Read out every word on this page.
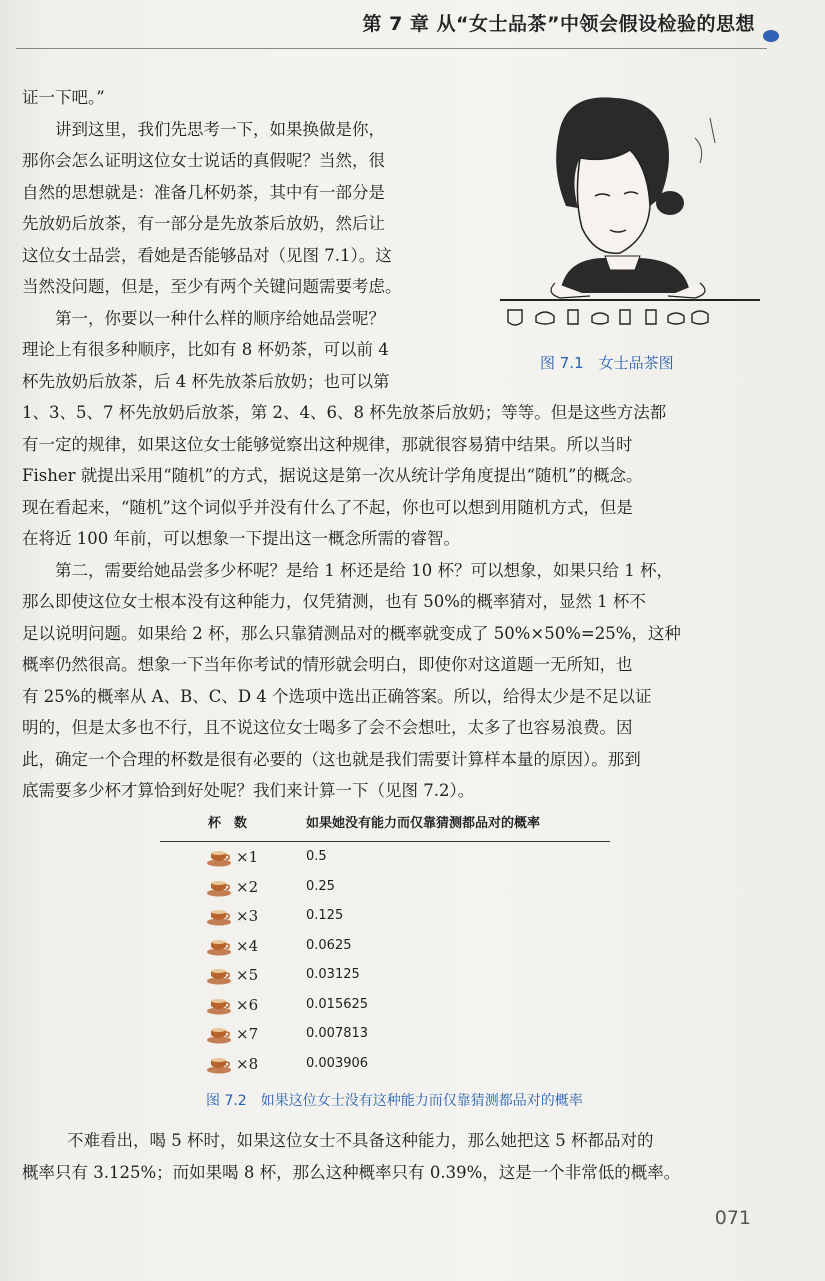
第 7 章 从“女士品茶”中领会假设检验的思想
证一下吧。”
讲到这里，我们先思考一下，如果换做是你，
那你会怎么证明这位女士说话的真假呢？当然，很
自然的思想就是：准备几杯奶茶，其中有一部分是
先放奶后放茶，有一部分是先放茶后放奶，然后让
这位女士品尝，看她是否能够品对（见图 7.1）。这
当然没问题，但是，至少有两个关键问题需要考虑。
第一，你要以一种什么样的顺序给她品尝呢？
理论上有很多种顺序，比如有 8 杯奶茶，可以前 4
杯先放奶后放茶，后 4 杯先放茶后放奶；也可以第
图 7.1　女士品茶图
1、3、5、7 杯先放奶后放茶，第 2、4、6、8 杯先放茶后放奶；等等。但是这些方法都
有一定的规律，如果这位女士能够觉察出这种规律，那就很容易猜中结果。所以当时
Fisher 就提出采用“随机”的方式，据说这是第一次从统计学角度提出“随机”的概念。
现在看起来，“随机”这个词似乎并没有什么了不起，你也可以想到用随机方式，但是
在将近 100 年前，可以想象一下提出这一概念所需的睿智。
第二，需要给她品尝多少杯呢？是给 1 杯还是给 10 杯？可以想象，如果只给 1 杯，
那么即使这位女士根本没有这种能力，仅凭猜测，也有 50%的概率猜对，显然 1 杯不
足以说明问题。如果给 2 杯，那么只靠猜测品对的概率就变成了 50%×50%=25%，这种
概率仍然很高。想象一下当年你考试的情形就会明白，即使你对这道题一无所知，也
有 25%的概率从 A、B、C、D 4 个选项中选出正确答案。所以，给得太少是不足以证
明的，但是太多也不行，且不说这位女士喝多了会不会想吐，太多了也容易浪费。因
此，确定一个合理的杯数是很有必要的（这也就是我们需要计算样本量的原因）。那到
底需要多少杯才算恰到好处呢？我们来计算一下（见图 7.2）。
杯　数	如果她没有能力而仅靠猜测都品对的概率
×1	0.5
×2	0.25
×3	0.125
×4	0.0625
×5	0.03125
×6	0.015625
×7	0.007813
×8	0.003906
图 7.2　如果这位女士没有这种能力而仅靠猜测都品对的概率
不难看出，喝 5 杯时，如果这位女士不具备这种能力，那么她把这 5 杯都品对的
概率只有 3.125%；而如果喝 8 杯，那么这种概率只有 0.39%，这是一个非常低的概率。
071
